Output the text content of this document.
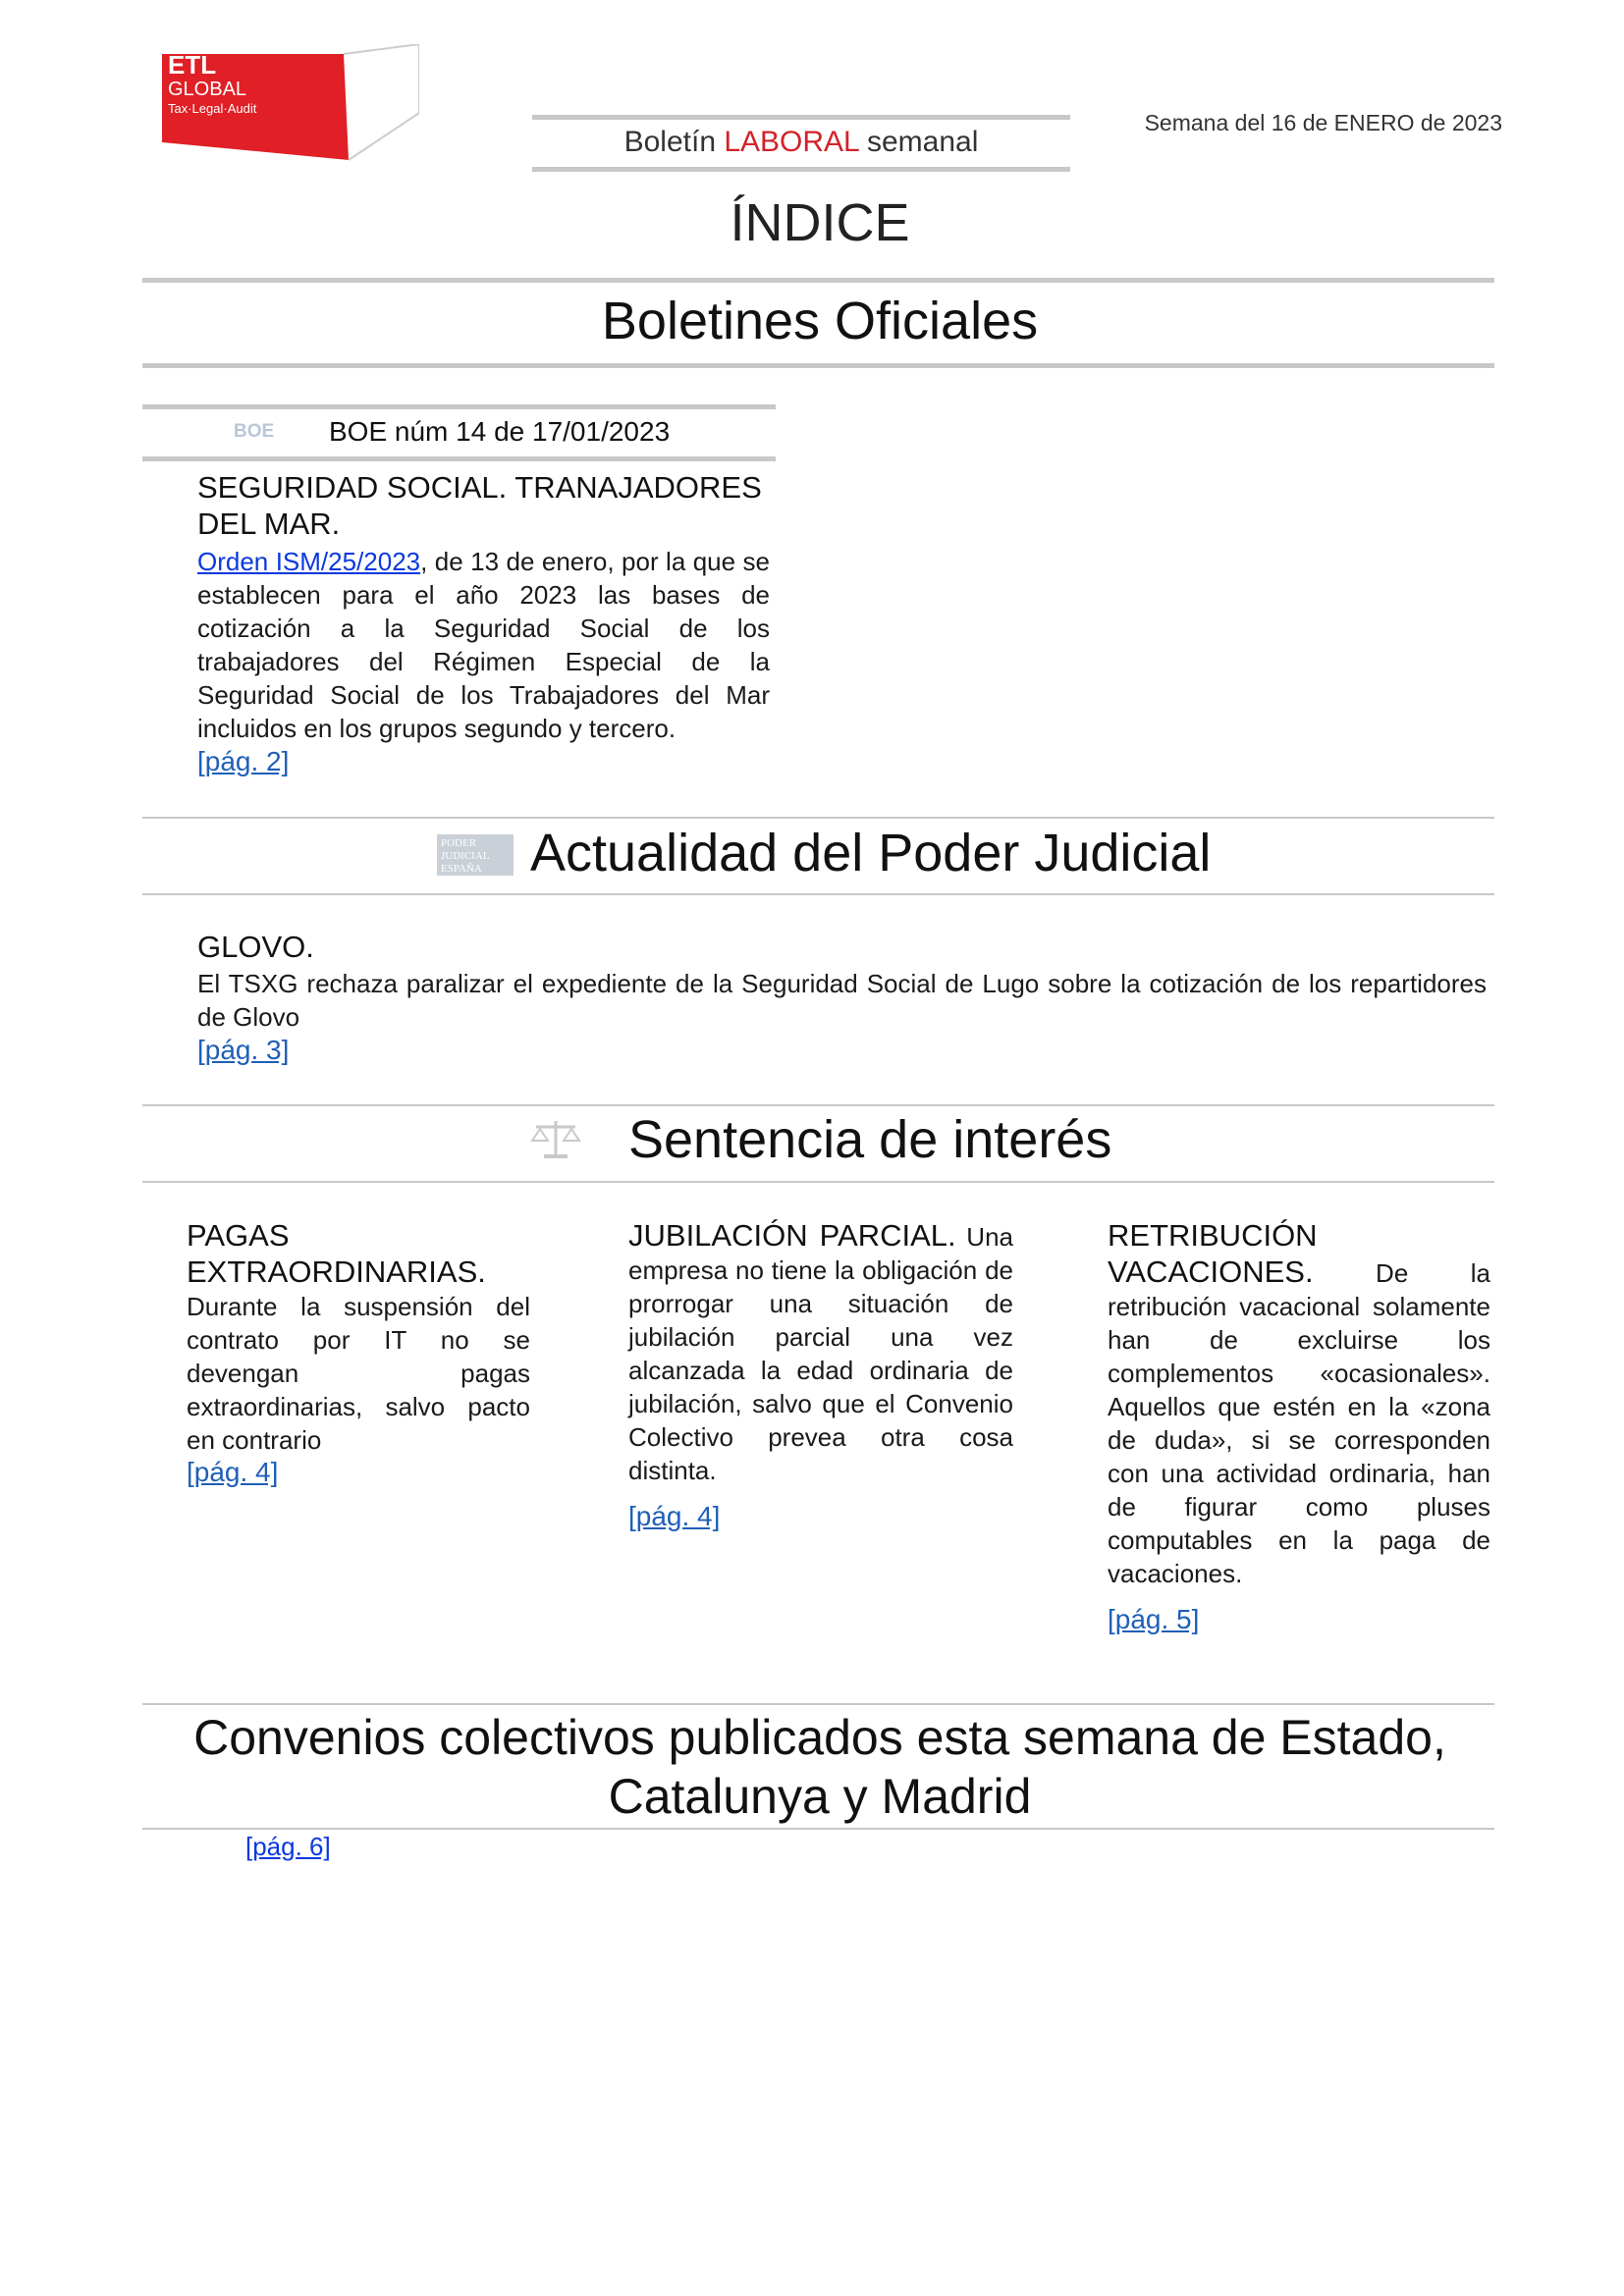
ETL
GLOBAL
Tax·Legal·Audit
Boletín LABORAL semanal
Semana del 16 de ENERO de 2023
ÍNDICE
Boletines Oficiales
BOE BOE núm 14 de 17/01/2023
SEGURIDAD SOCIAL. TRANAJADORES DEL MAR.
Orden ISM/25/2023, de 13 de enero, por la que se establecen para el año 2023 las bases de cotización a la Seguridad Social de los trabajadores del Régimen Especial de la Seguridad Social de los Trabajadores del Mar incluidos en los grupos segundo y tercero.
[pág. 2]
PODER
JUDICIAL
ESPAÑA Actualidad del Poder Judicial
GLOVO.
El TSXG rechaza paralizar el expediente de la Seguridad Social de Lugo sobre la cotización de los repartidores de Glovo
[pág. 3]
Sentencia de interés
PAGAS EXTRAORDINARIAS.
Durante la suspensión del contrato por IT no se devengan pagas extraordinarias, salvo pacto en contrario
[pág. 4]
JUBILACIÓN PARCIAL. Una empresa no tiene la obligación de prorrogar una situación de jubilación parcial una vez alcanzada la edad ordinaria de jubilación, salvo que el Convenio Colectivo prevea otra cosa distinta.
[pág. 4]
RETRIBUCIÓN VACACIONES. De la retribución vacacional solamente han de excluirse los complementos «ocasionales». Aquellos que estén en la «zona de duda», si se corresponden con una actividad ordinaria, han de figurar como pluses computables en la paga de vacaciones.
[pág. 5]
Convenios colectivos publicados esta semana de Estado,
Catalunya y Madrid
[pág. 6]
